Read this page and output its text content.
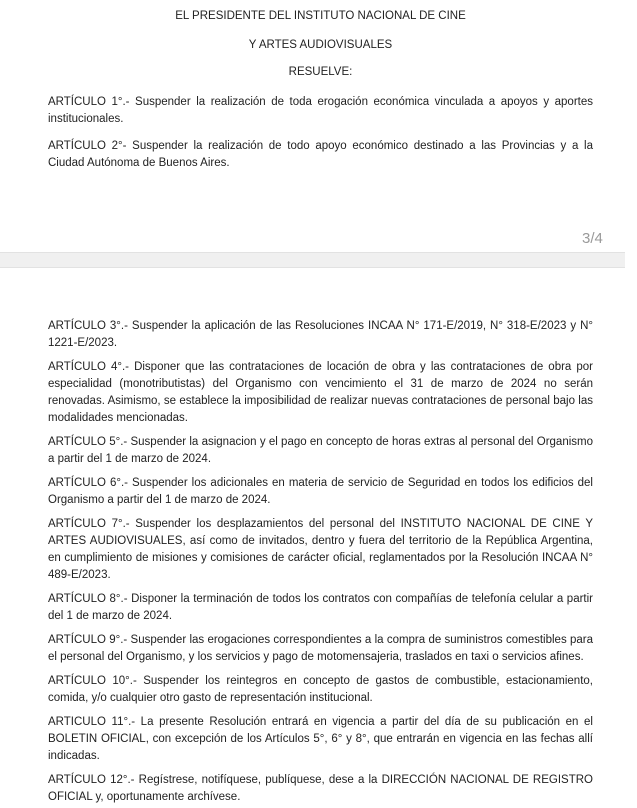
EL PRESIDENTE DEL INSTITUTO NACIONAL DE CINE

Y ARTES AUDIOVISUALES

RESUELVE:

ARTÍCULO 1°.- Suspender la realización de toda erogación económica vinculada a apoyos y aportes institucionales.

ARTÍCULO 2°- Suspender la realización de todo apoyo económico destinado a las Provincias y a la Ciudad Autónoma de Buenos Aires.

3/4

ARTÍCULO 3°.- Suspender la aplicación de las Resoluciones INCAA N° 171-E/2019, N° 318-E/2023 y N° 1221-E/2023.

ARTÍCULO 4°.- Disponer que las contrataciones de locación de obra y las contrataciones de obra por especialidad (monotributistas) del Organismo con vencimiento el 31 de marzo de 2024 no serán renovadas. Asimismo, se establece la imposibilidad de realizar nuevas contrataciones de personal bajo las modalidades mencionadas.

ARTÍCULO 5°.- Suspender la asignacion y el pago en concepto de horas extras al personal del Organismo a partir del 1 de marzo de 2024.

ARTÍCULO 6°.- Suspender los adicionales en materia de servicio de Seguridad en todos los edificios del Organismo a partir del 1 de marzo de 2024.

ARTÍCULO 7°.- Suspender los desplazamientos del personal del INSTITUTO NACIONAL DE CINE Y ARTES AUDIOVISUALES, así como de invitados, dentro y fuera del territorio de la República Argentina, en cumplimiento de misiones y comisiones de carácter oficial, reglamentados por la Resolución INCAA N° 489-E/2023.

ARTÍCULO 8°.- Disponer la terminación de todos los contratos con compañías de telefonía celular a partir del 1 de marzo de 2024.

ARTÍCULO 9°.- Suspender las erogaciones correspondientes a la compra de suministros comestibles para el personal del Organismo, y los servicios y pago de motomensajeria, traslados en taxi o servicios afines.

ARTÍCULO 10°.- Suspender los reintegros en concepto de gastos de combustible, estacionamiento, comida, y/o cualquier otro gasto de representación institucional.

ARTICULO 11°.- La presente Resolución entrará en vigencia a partir del día de su publicación en el BOLETIN OFICIAL, con excepción de los Artículos 5°, 6° y 8°, que entrarán en vigencia en las fechas allí indicadas.

ARTÍCULO 12°.- Regístrese, notifíquese, publíquese, dese a la DIRECCIÓN NACIONAL DE REGISTRO OFICIAL y, oportunamente archívese.
